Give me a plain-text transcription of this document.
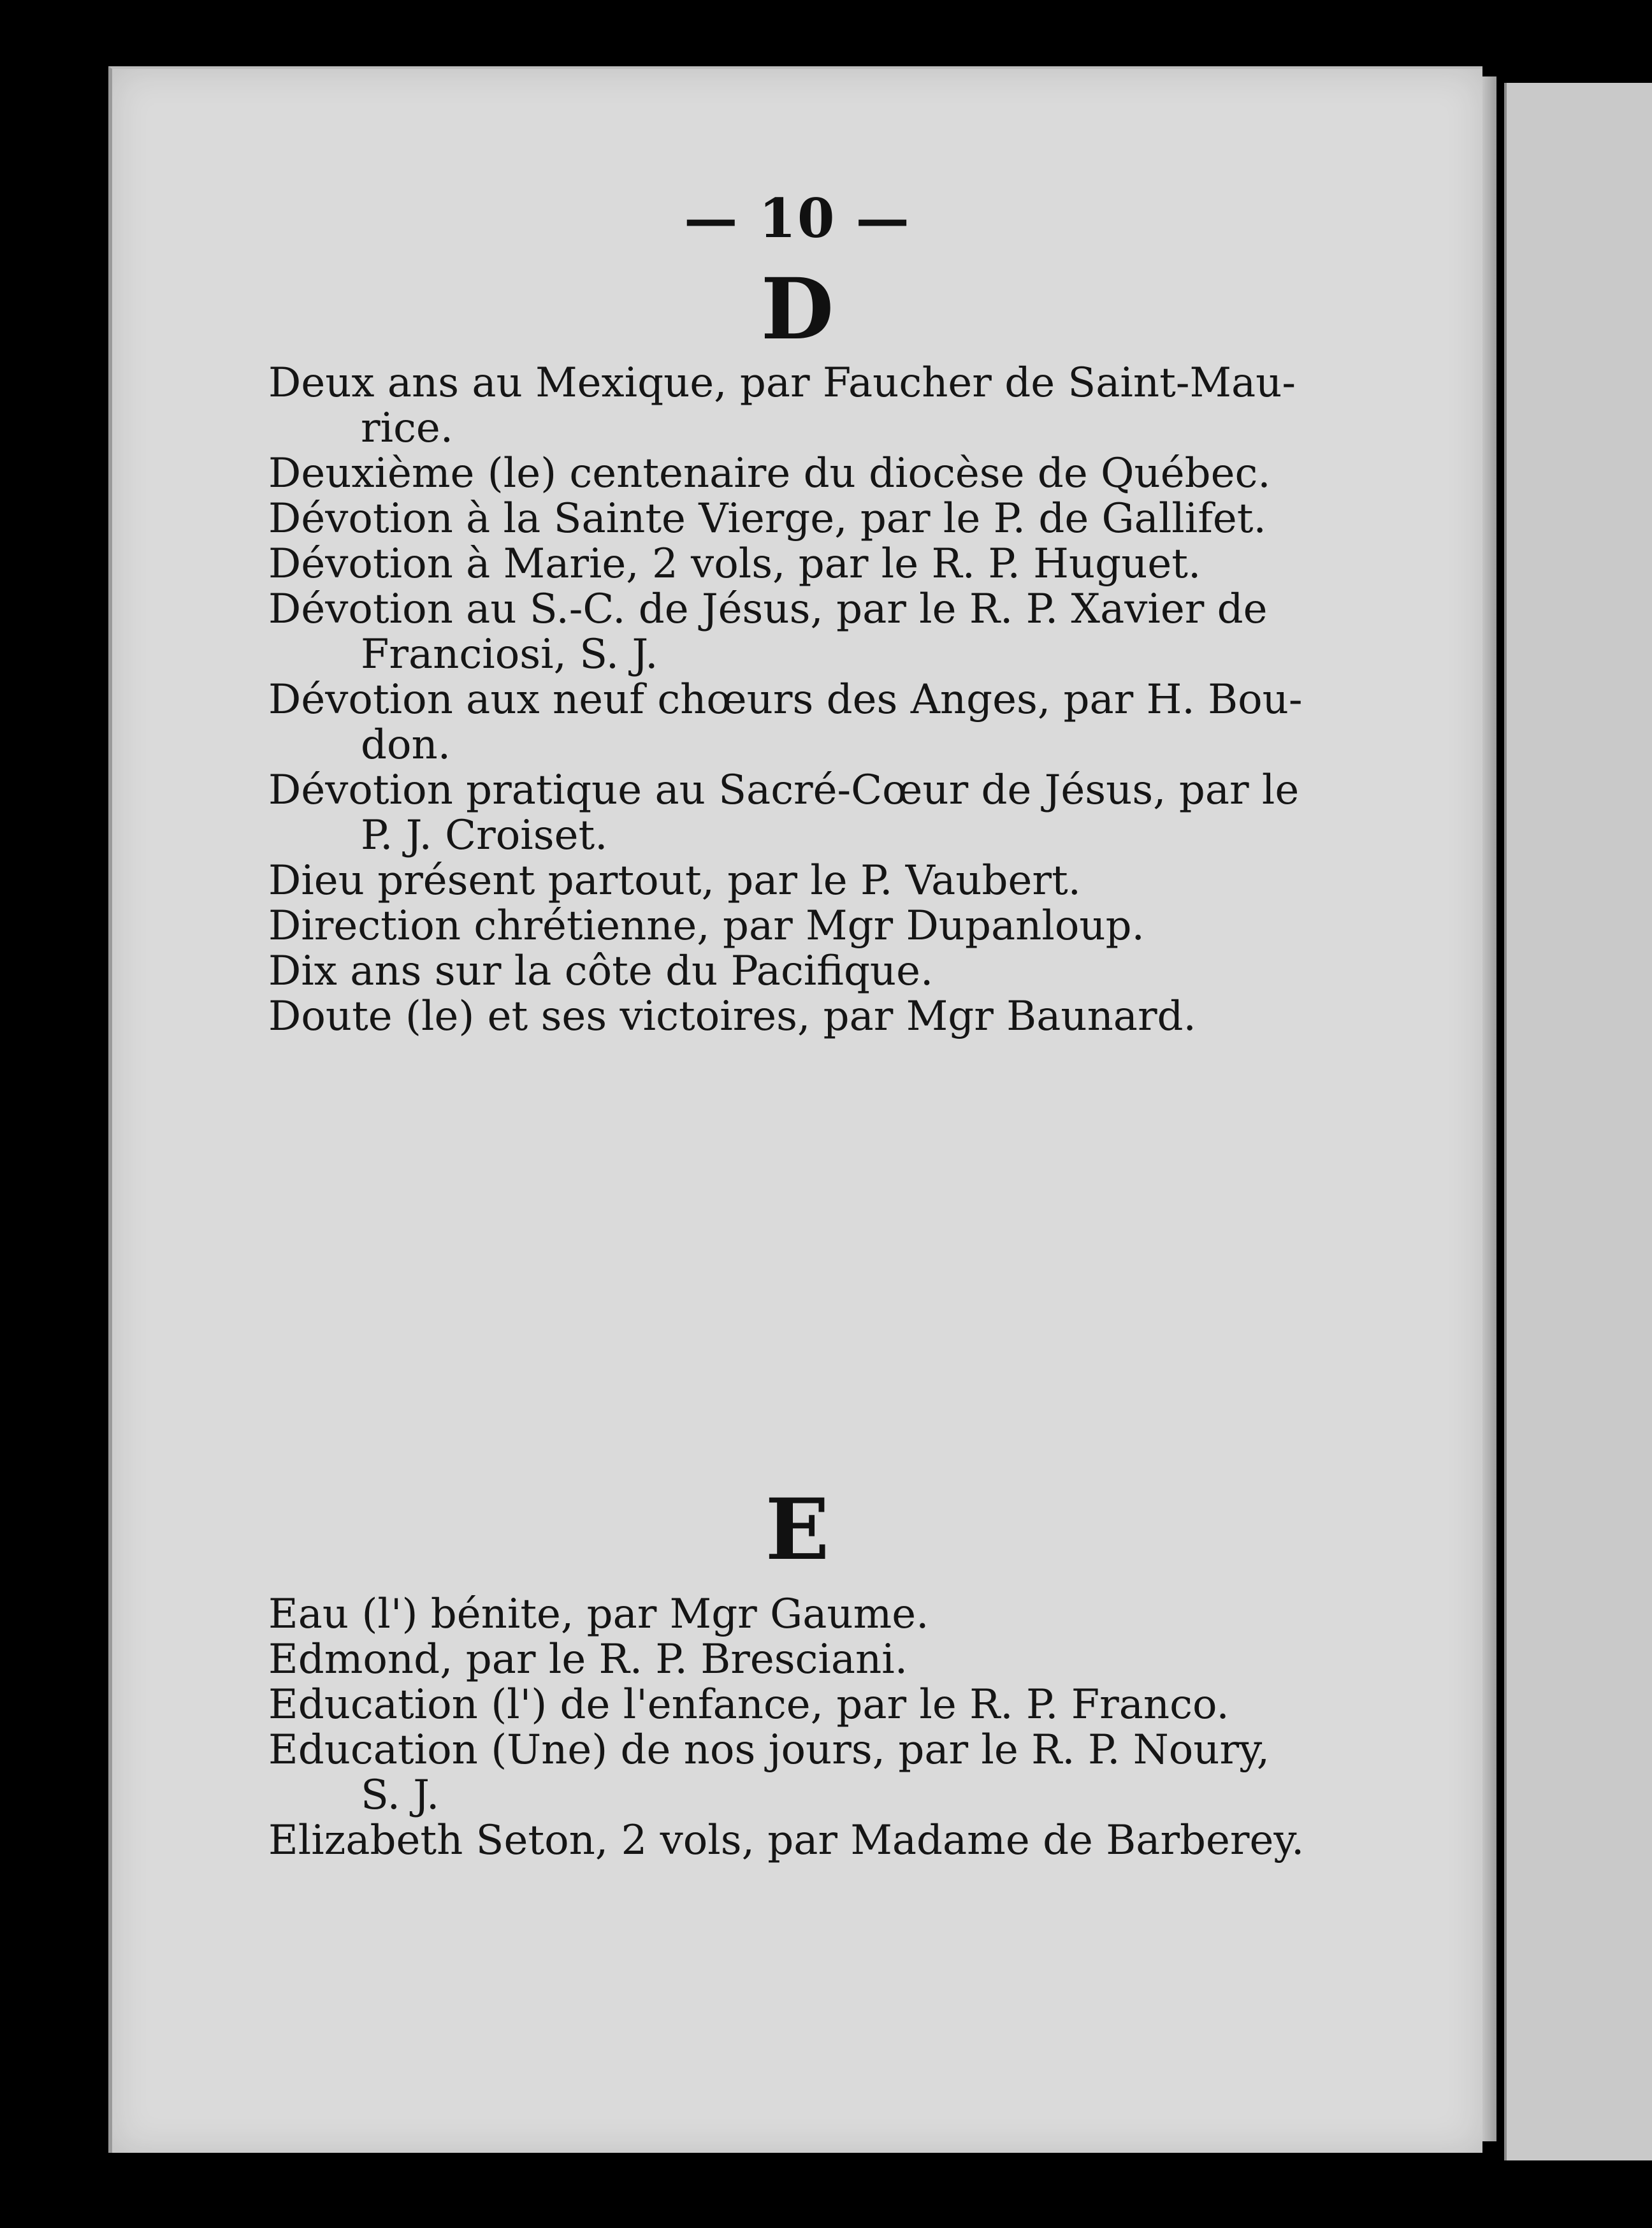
— 10 —
D
Deux ans au Mexique, par Faucher de Saint-Mau-
rice.
Deuxième (le) centenaire du diocèse de Québec.
Dévotion à la Sainte Vierge, par le P. de Gallifet.
Dévotion à Marie, 2 vols, par le R. P. Huguet.
Dévotion au S.-C. de Jésus, par le R. P. Xavier de
Franciosi, S. J.
Dévotion aux neuf chœurs des Anges, par H. Bou-
don.
Dévotion pratique au Sacré-Cœur de Jésus, par le
P. J. Croiset.
Dieu présent partout, par le P. Vaubert.
Direction chrétienne, par Mgr Dupanloup.
Dix ans sur la côte du Pacifique.
Doute (le) et ses victoires, par Mgr Baunard.
E
Eau (l') bénite, par Mgr Gaume.
Edmond, par le R. P. Bresciani.
Education (l') de l'enfance, par le R. P. Franco.
Education (Une) de nos jours, par le R. P. Noury,
S. J.
Elizabeth Seton, 2 vols, par Madame de Barberey.
